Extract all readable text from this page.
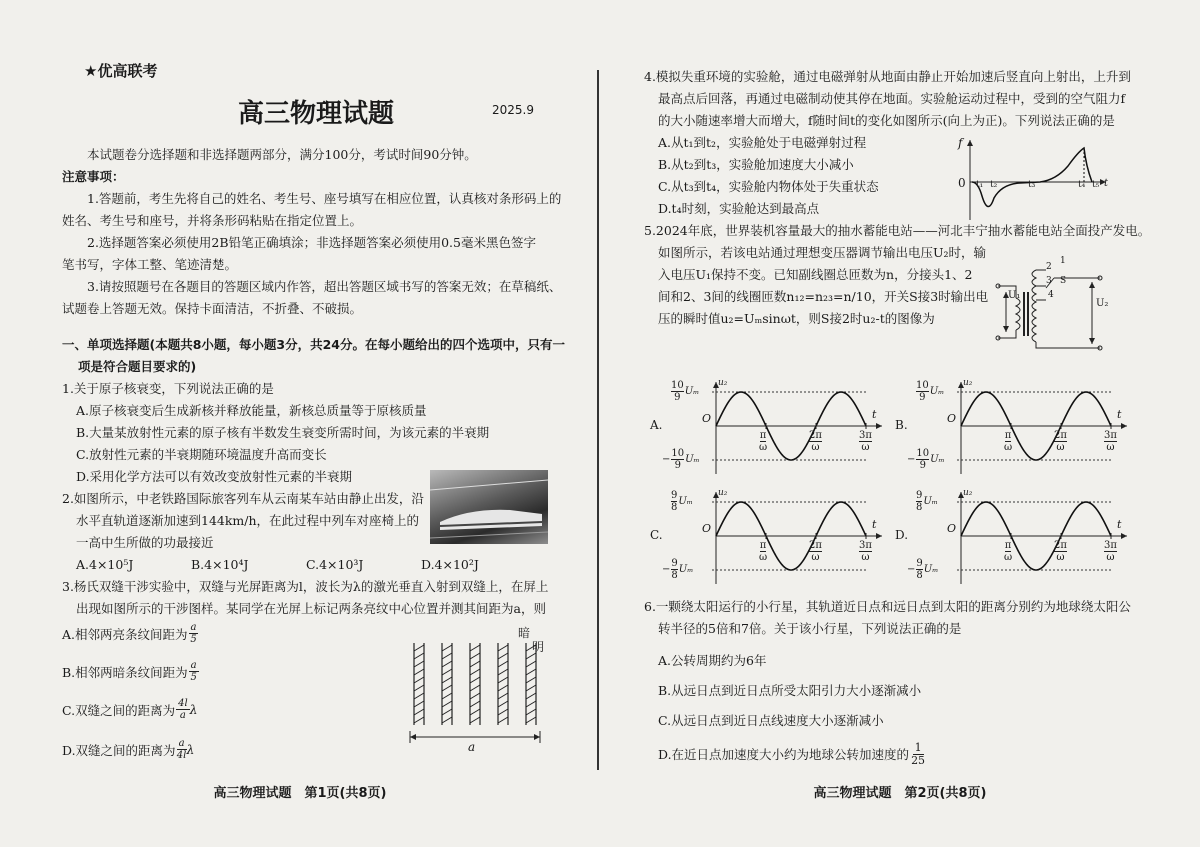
★优高联考

高三物理试题	2025.9

本试题卷分选择题和非选择题两部分，满分100分，考试时间90分钟。

注意事项：

1.答题前，考生先将自己的姓名、考生号、座号填写在相应位置，认真核对条形码上的

姓名、考生号和座号，并将条形码粘贴在指定位置上。

2.选择题答案必须使用2B铅笔正确填涂；非选择题答案必须使用0.5毫米黑色签字

笔书写，字体工整、笔迹清楚。

3.请按照题号在各题目的答题区域内作答，超出答题区域书写的答案无效；在草稿纸、

试题卷上答题无效。保持卡面清洁，不折叠、不破损。

一、单项选择题(本题共8小题，每小题3分，共24分。在每小题给出的四个选项中，只有一

项是符合题目要求的)

1.关于原子核衰变，下列说法正确的是

A.原子核衰变后生成新核并释放能量，新核总质量等于原核质量

B.大量某放射性元素的原子核有半数发生衰变所需时间，为该元素的半衰期

C.放射性元素的半衰期随环境温度升高而变长

D.采用化学方法可以有效改变放射性元素的半衰期

2.如图所示，中老铁路国际旅客列车从云南某车站由静止出发，沿

水平直轨道逐渐加速到144km/h，在此过程中列车对座椅上的

一高中生所做的功最接近

A.4×10⁵J	B.4×10⁴J	C.4×10³J	D.4×10²J

3.杨氏双缝干涉实验中，双缝与光屏距离为l，波长为λ的激光垂直入射到双缝上，在屏上

出现如图所示的干涉图样。某同学在光屏上标记两条亮纹中心位置并测其间距为a，则

A.相邻两亮条纹间距为 $\frac{a}{5}$
B.相邻两暗条纹间距为 $\frac{a}{5}$
C.双缝之间的距离为 $\frac{4l}{a}$ λ
D.双缝之间的距离为 $\frac{a}{4l}$ λ
暗
明
a
高三物理试题　第1页(共8页)

4.模拟失重环境的实验舱，通过电磁弹射从地面由静止开始加速后竖直向上射出，上升到

最高点后回落，再通过电磁制动使其停在地面。实验舱运动过程中，受到的空气阻力f

的大小随速率增大而增大，f随时间t的变化如图所示(向上为正)。下列说法正确的是

A.从t₁到t₂，实验舱处于电磁弹射过程

B.从t₂到t₃，实验舱加速度大小减小

C.从t₃到t₄，实验舱内物体处于失重状态

D.t₄时刻，实验舱达到最高点

5.2024年底，世界装机容量最大的抽水蓄能电站——河北丰宁抽水蓄能电站全面投产发电。

如图所示，若该电站通过理想变压器调节输出电压U₂时，输

入电压U₁保持不变。已知副线圈总匝数为n，分接头1、2

间和2、3间的线圈匝数n₁₂=n₂₃=n/10，开关S接3时输出电

压的瞬时值u₂=Uₘsinωt，则S接2时u₂-t的图像为

f
0 t₁ t₂	t₃	t₄ t₅ t
U₁
U₂
2
1
3
4
S
A.
$\frac{10}{9}$ Uₘ
− $\frac{10}{9}$ Uₘ
u₂
O	t
$\frac{\pi}{\omega}$	$\frac{2\pi}{\omega}$	$\frac{3\pi}{\omega}$
B.
$\frac{10}{9}$ Uₘ
− $\frac{10}{9}$ Uₘ
u₂
O	t
$\frac{\pi}{\omega}$	$\frac{2\pi}{\omega}$	$\frac{3\pi}{\omega}$
C.
$\frac{9}{8}$ Uₘ
− $\frac{9}{8}$ Uₘ
u₂
O	t
$\frac{\pi}{\omega}$	$\frac{2\pi}{\omega}$	$\frac{3\pi}{\omega}$
D.
$\frac{9}{8}$ Uₘ
− $\frac{9}{8}$ Uₘ
u₂
O	t
$\frac{\pi}{\omega}$	$\frac{2\pi}{\omega}$	$\frac{3\pi}{\omega}$

6.一颗绕太阳运行的小行星，其轨道近日点和远日点到太阳的距离分别约为地球绕太阳公

转半径的5倍和7倍。关于该小行星，下列说法正确的是

A.公转周期约为6年

B.从远日点到近日点所受太阳引力大小逐渐减小

C.从远日点到近日点线速度大小逐渐减小

D.在近日点加速度大小约为地球公转加速度的 $\frac{1}{25}$
高三物理试题　第2页(共8页)
